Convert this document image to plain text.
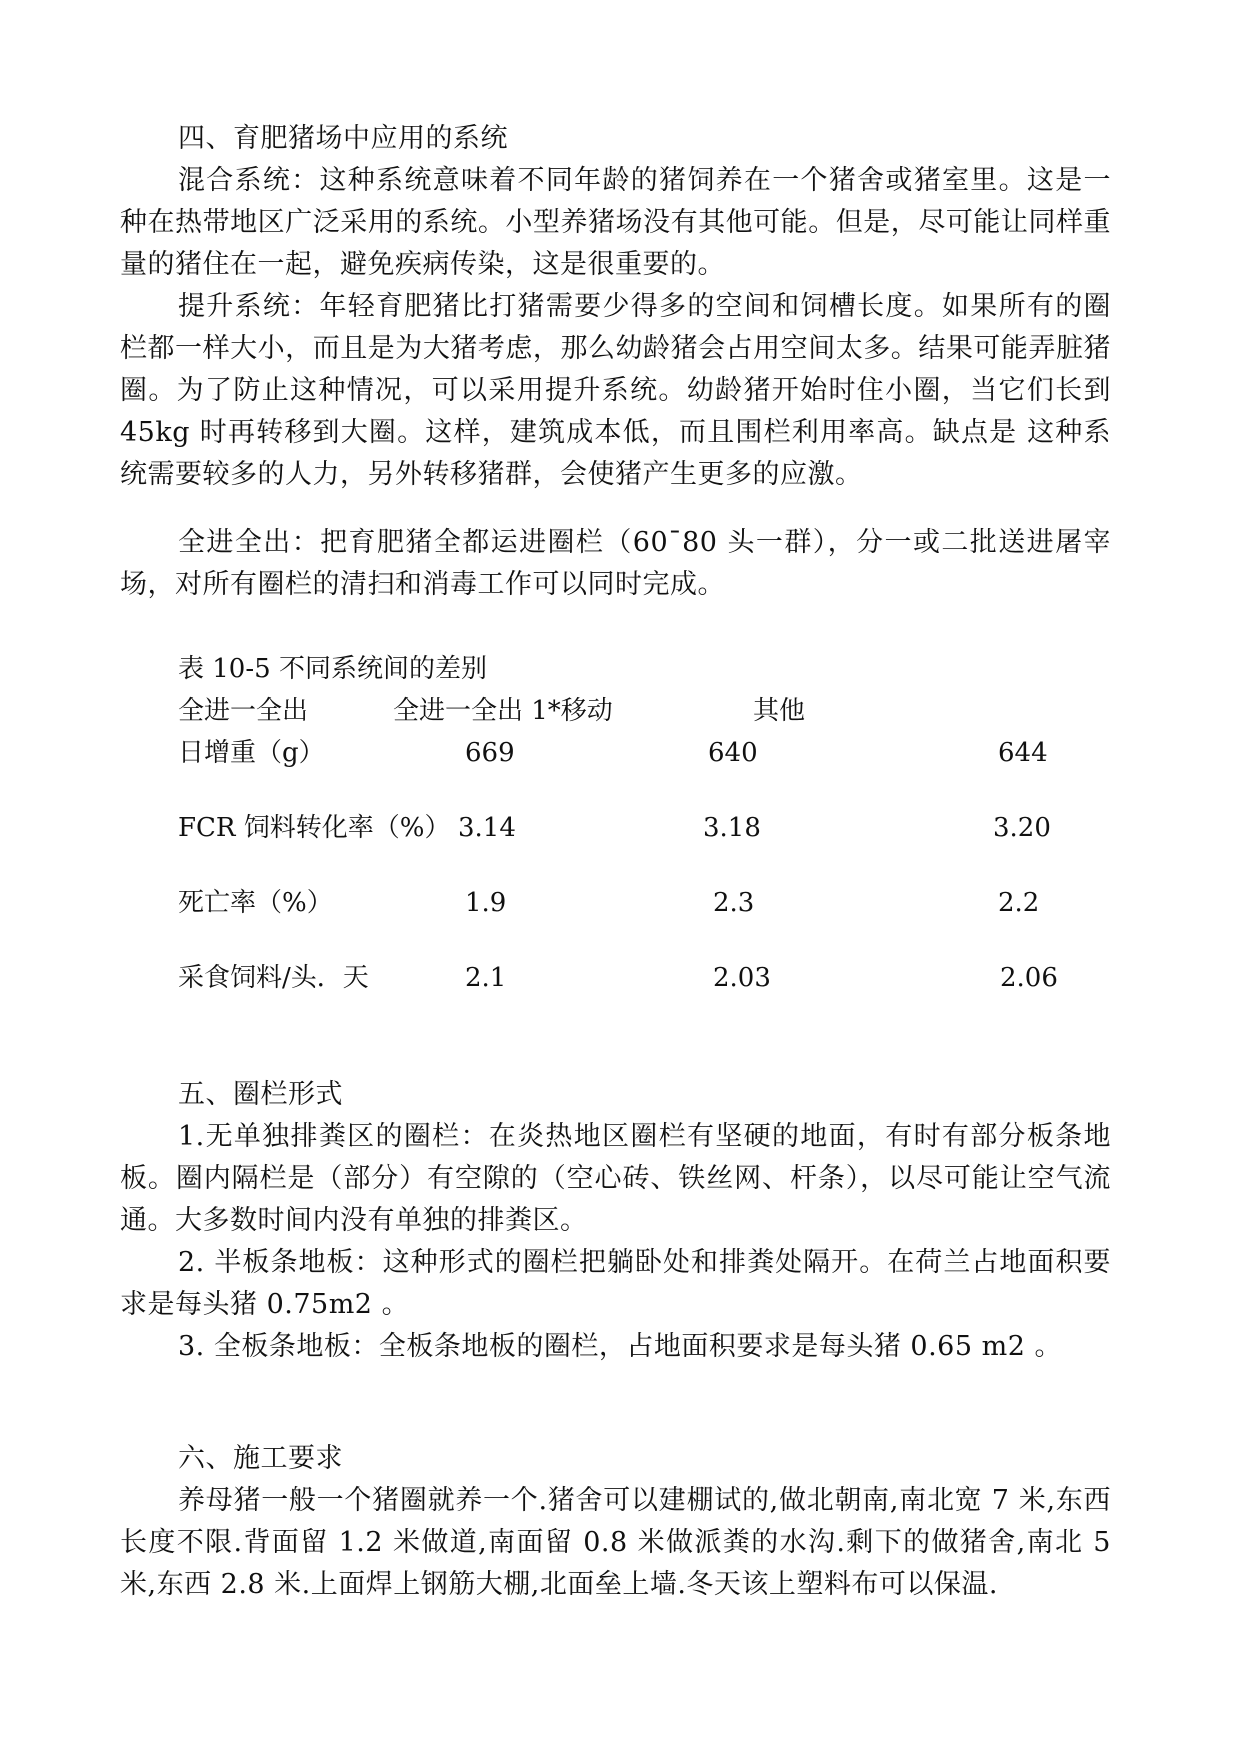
四、育肥猪场中应用的系统

混合系统：这种系统意味着不同年龄的猪饲养在一个猪舍或猪室里。这是一种在热带地区广泛采用的系统。小型养猪场没有其他可能。但是，尽可能让同样重量的猪住在一起，避免疾病传染，这是很重要的。

提升系统：年轻育肥猪比打猪需要少得多的空间和饲槽长度。如果所有的圈栏都一样大小，而且是为大猪考虑，那么幼龄猪会占用空间太多。结果可能弄脏猪圈。为了防止这种情况，可以采用提升系统。幼龄猪开始时住小圈，当它们长到 45kg 时再转移到大圈。这样，建筑成本低，而且围栏利用率高。缺点是 这种系统需要较多的人力，另外转移猪群，会使猪产生更多的应激。

全进全出：把育肥猪全都运进圈栏（60¯80 头一群），分一或二批送进屠宰场，对所有圈栏的清扫和消毒工作可以同时完成。

表 10-5 不同系统间的差别

全进一全出	全进一全出 1*移动	其他
日增重（g）	669	640	644
FCR 饲料转化率（%） 3.14	3.18	3.20
死亡率（%）	1.9	2.3	2.2
采食饲料/头．天	2.1	2.03	2.06

五、圈栏形式

1.无单独排粪区的圈栏：在炎热地区圈栏有坚硬的地面，有时有部分板条地板。圈内隔栏是（部分）有空隙的（空心砖、铁丝网、杆条），以尽可能让空气流通。大多数时间内没有单独的排粪区。

2. 半板条地板：这种形式的圈栏把躺卧处和排粪处隔开。在荷兰占地面积要求是每头猪 0.75m2 。

3. 全板条地板：全板条地板的圈栏，占地面积要求是每头猪 0.65 m2 。

六、施工要求

养母猪一般一个猪圈就养一个.猪舍可以建棚试的,做北朝南,南北宽 7 米,东西长度不限.背面留 1.2 米做道,南面留 0.8 米做派粪的水沟.剩下的做猪舍,南北 5 米,东西 2.8 米.上面焊上钢筋大棚,北面垒上墙.冬天该上塑料布可以保温.
